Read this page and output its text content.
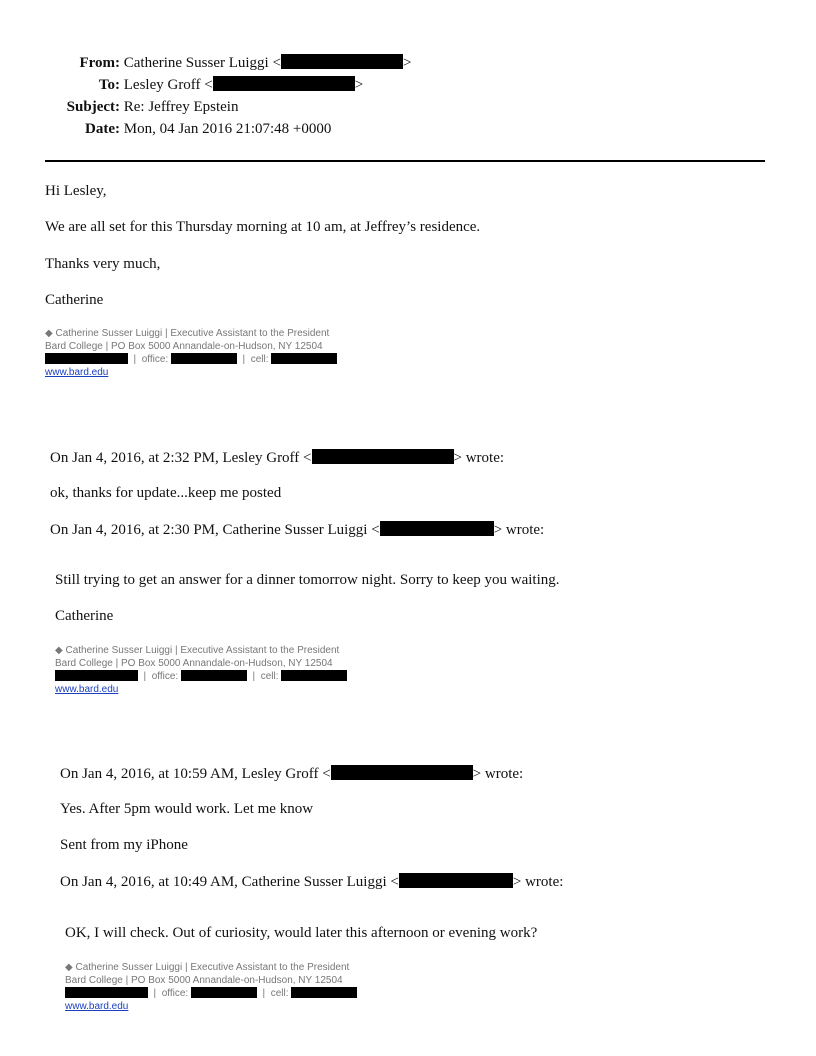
From: Catherine Susser Luiggi <	>
To: Lesley Groff <	>
Subject: Re: Jeffrey Epstein
Date: Mon, 04 Jan 2016 21:07:48 +0000
Hi Lesley,
We are all set for this Thursday morning at 10 am, at Jeffrey’s residence.
Thanks very much,
Catherine
◆ Catherine Susser Luiggi | Executive Assistant to the President
Bard College | PO Box 5000 Annandale-on-Hudson, NY 12504
|  office:	|  cell:
www.bard.edu
On Jan 4, 2016, at 2:32 PM, Lesley Groff <	> wrote:
ok, thanks for update...keep me posted
On Jan 4, 2016, at 2:30 PM, Catherine Susser Luiggi <	> wrote:
Still trying to get an answer for a dinner tomorrow night. Sorry to keep you waiting.
Catherine
◆ Catherine Susser Luiggi | Executive Assistant to the President
Bard College | PO Box 5000 Annandale-on-Hudson, NY 12504
|  office:	|  cell:
www.bard.edu
On Jan 4, 2016, at 10:59 AM, Lesley Groff <	> wrote:
Yes. After 5pm would work. Let me know
Sent from my iPhone
On Jan 4, 2016, at 10:49 AM, Catherine Susser Luiggi <	> wrote:
OK, I will check. Out of curiosity, would later this afternoon or evening work?
◆ Catherine Susser Luiggi | Executive Assistant to the President
Bard College | PO Box 5000 Annandale-on-Hudson, NY 12504
|  office:	|  cell:
www.bard.edu
